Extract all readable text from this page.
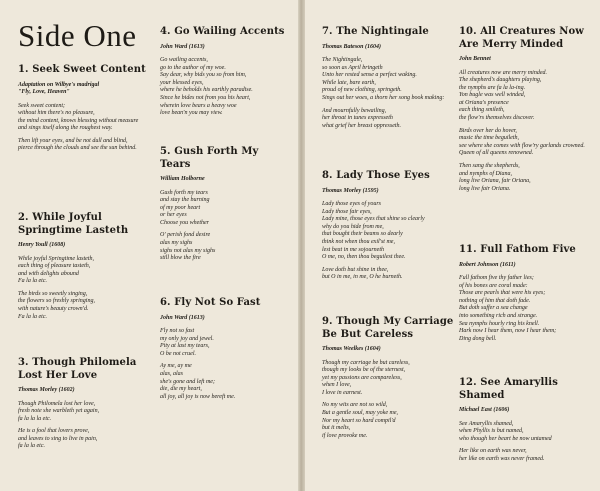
Side One
1. Seek Sweet Content

Adaptation on Wilbye's madrigal
"Fly, Love, Heaven"

Seek sweet content;
without him there's no pleasure,
the mind content, knows blessing without measure
and sings itself along the roughest way.

Then lift your eyes, and be not dull and blind,
pierce through the clouds and see the sun behind.

2. While Joyful Springtime Lasteth

Henry Youll (1608)

While joyful Springtime lasteth,
each thing of pleasure tasteth,
and with delights abound
Fa la la etc.

The birds so sweetly singing,
the flowers so freshly springing,
with nature's beauty crown'd.
Fa la la etc.

3. Though Philomela Lost Her Love

Thomas Morley (1602)

Though Philomela lost her love,
fresh note she warbleth yet again,
fa la la la etc.

He is a fool that lovers prove,
and leaves to sing to live in pain,
fa la la etc.

4. Go Wailing Accents

John Ward (1613)

Go wailing accents,
go to the author of my woe.
Say dear, why bids you so from him,
your blessed eyes,
where he beholds his earthly paradise.
Since he bides not from you his heart,
wherein love bears a heavy woe
love bean'n you may view.

5. Gush Forth My Tears

William Holborne

Gush forth my tears
and stay the burning
of my poor heart
or her eyes
Choose you whether

O' perish fond desire
alas my sighs
sighs not alas my sighs
still blow the fire

6. Fly Not So Fast

John Ward (1613)

Fly not so fast
my only joy and jewel.
Pity at last my tears,
O be not cruel.

Ay me, ay me
alas, alas
she's gone and left me;
die, die my heart,
all joy, all joy is now bereft me.

7. The Nightingale

Thomas Bateson (1604)

The Nightingale,
so soon as April bringeth
Unto her rested sense a perfect waking.
While late, bare earth,
proud of new clothing, springeth.
Sings out her woes, a thorn her song book making:

And mournfully bewailing,
her throat in tunes expresseth
what grief her breast oppresseth.

8. Lady Those Eyes

Thomas Morley (1595)

Lady those eyes of yours
Lady those fair eyes,
Lady mine, those eyes that shine so clearly
why do you hide from me,
that bought their beams so dearly
think not when thou exil'st me,
lest beat in me sojourneth
O me, no, then thou beguilest thee.

Love doth but shine in thee,
but O in me, in me, O he burneth.

9. Though My Carriage Be But Careless

Thomas Weelkes (1604)

Though my carriage be but careless,
though my looks be of the sternest,
yet my passions are compareless,
when I love,
I love in earnest.

No my wits are not so wild,
But a gentle soul, may yoke me,
Nor my heart so hard compil'd
but it melts,
if love provoke me.

10. All Creatures Now Are Merry Minded

John Bennet

All creatures now are merry minded.
The shepherd's daughters playing,
the nymphs are fa la la-ing.
Yon bugle was well winded,
at Oriana's presence
each thing smileth,
the flow'rs themselves discover.

Birds over her do hover,
music the time beguileth,
see where she comes with flow'ry garlands crowned.
Queen of all queens renowned.

Then sang the shepherds,
and nymphs of Diana,
long live Oriana, fair Oriana,
long live fair Oriana.

11. Full Fathom Five

Robert Johnson (1611)

Full fathom five thy father lies;
of his bones are coral made:
Those are pearls that were his eyes;
nothing of him that doth fade.
But doth suffer a sea change
into something rich and strange.
Sea nymphs hourly ring his knell.
Hark now I hear them, now I hear them;
Ding dong bell.

12. See Amaryllis Shamed

Michael East (1606)

See Amaryllis shamed,
when Phyllis is but named,
who though her beart be now untamed

Her like on earth was never,
her like on earth was never framed.
